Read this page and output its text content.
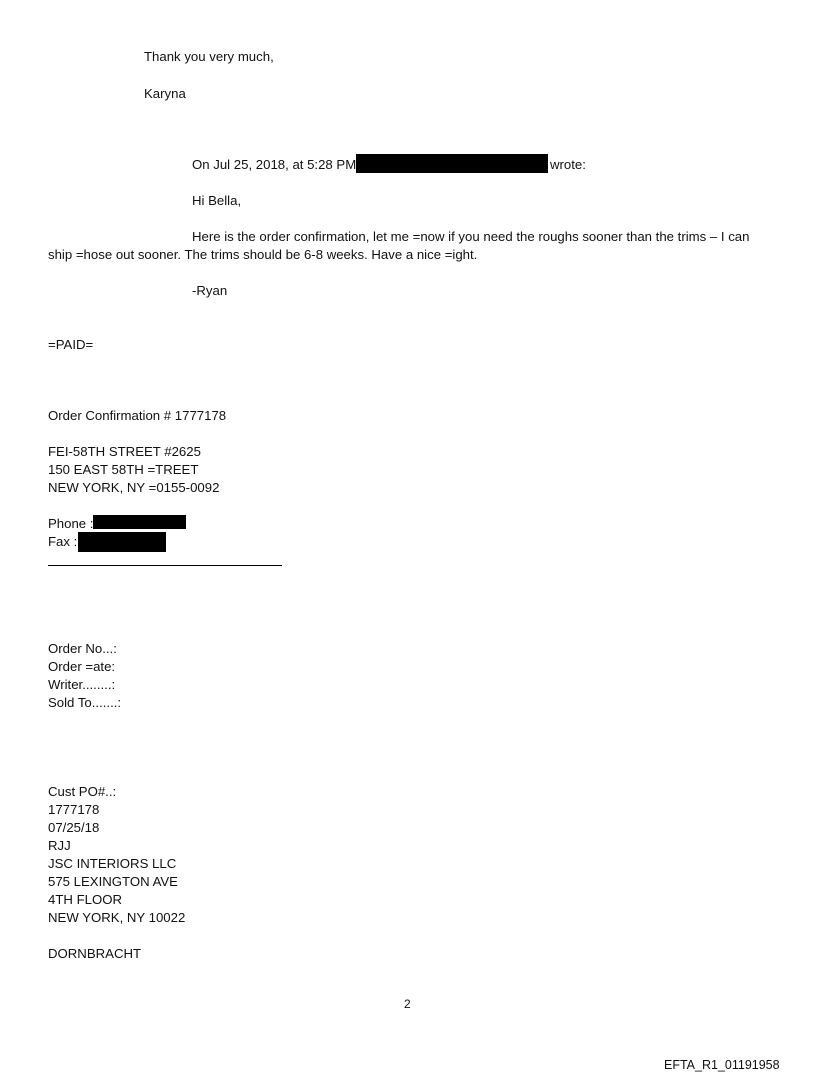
Thank you very much,
Karyna
On Jul 25, 2018, at 5:28 PM	wrote:
Hi Bella,
Here is the order confirmation, let me =now if you need the roughs sooner than the trims – I can
ship =hose out sooner. The trims should be 6-8 weeks. Have a nice =ight.
-Ryan
=PAID=
Order Confirmation # 1777178
FEI-58TH STREET #2625
150 EAST 58TH =TREET
NEW YORK, NY =0155-0092
Phone :
Fax :
Order No...:
Order =ate:
Writer........:
Sold To.......:
Cust PO#..:
1777178
07/25/18
RJJ
JSC INTERIORS LLC
575 LEXINGTON AVE
4TH FLOOR
NEW YORK, NY 10022
DORNBRACHT
2
EFTA_R1_01191958
